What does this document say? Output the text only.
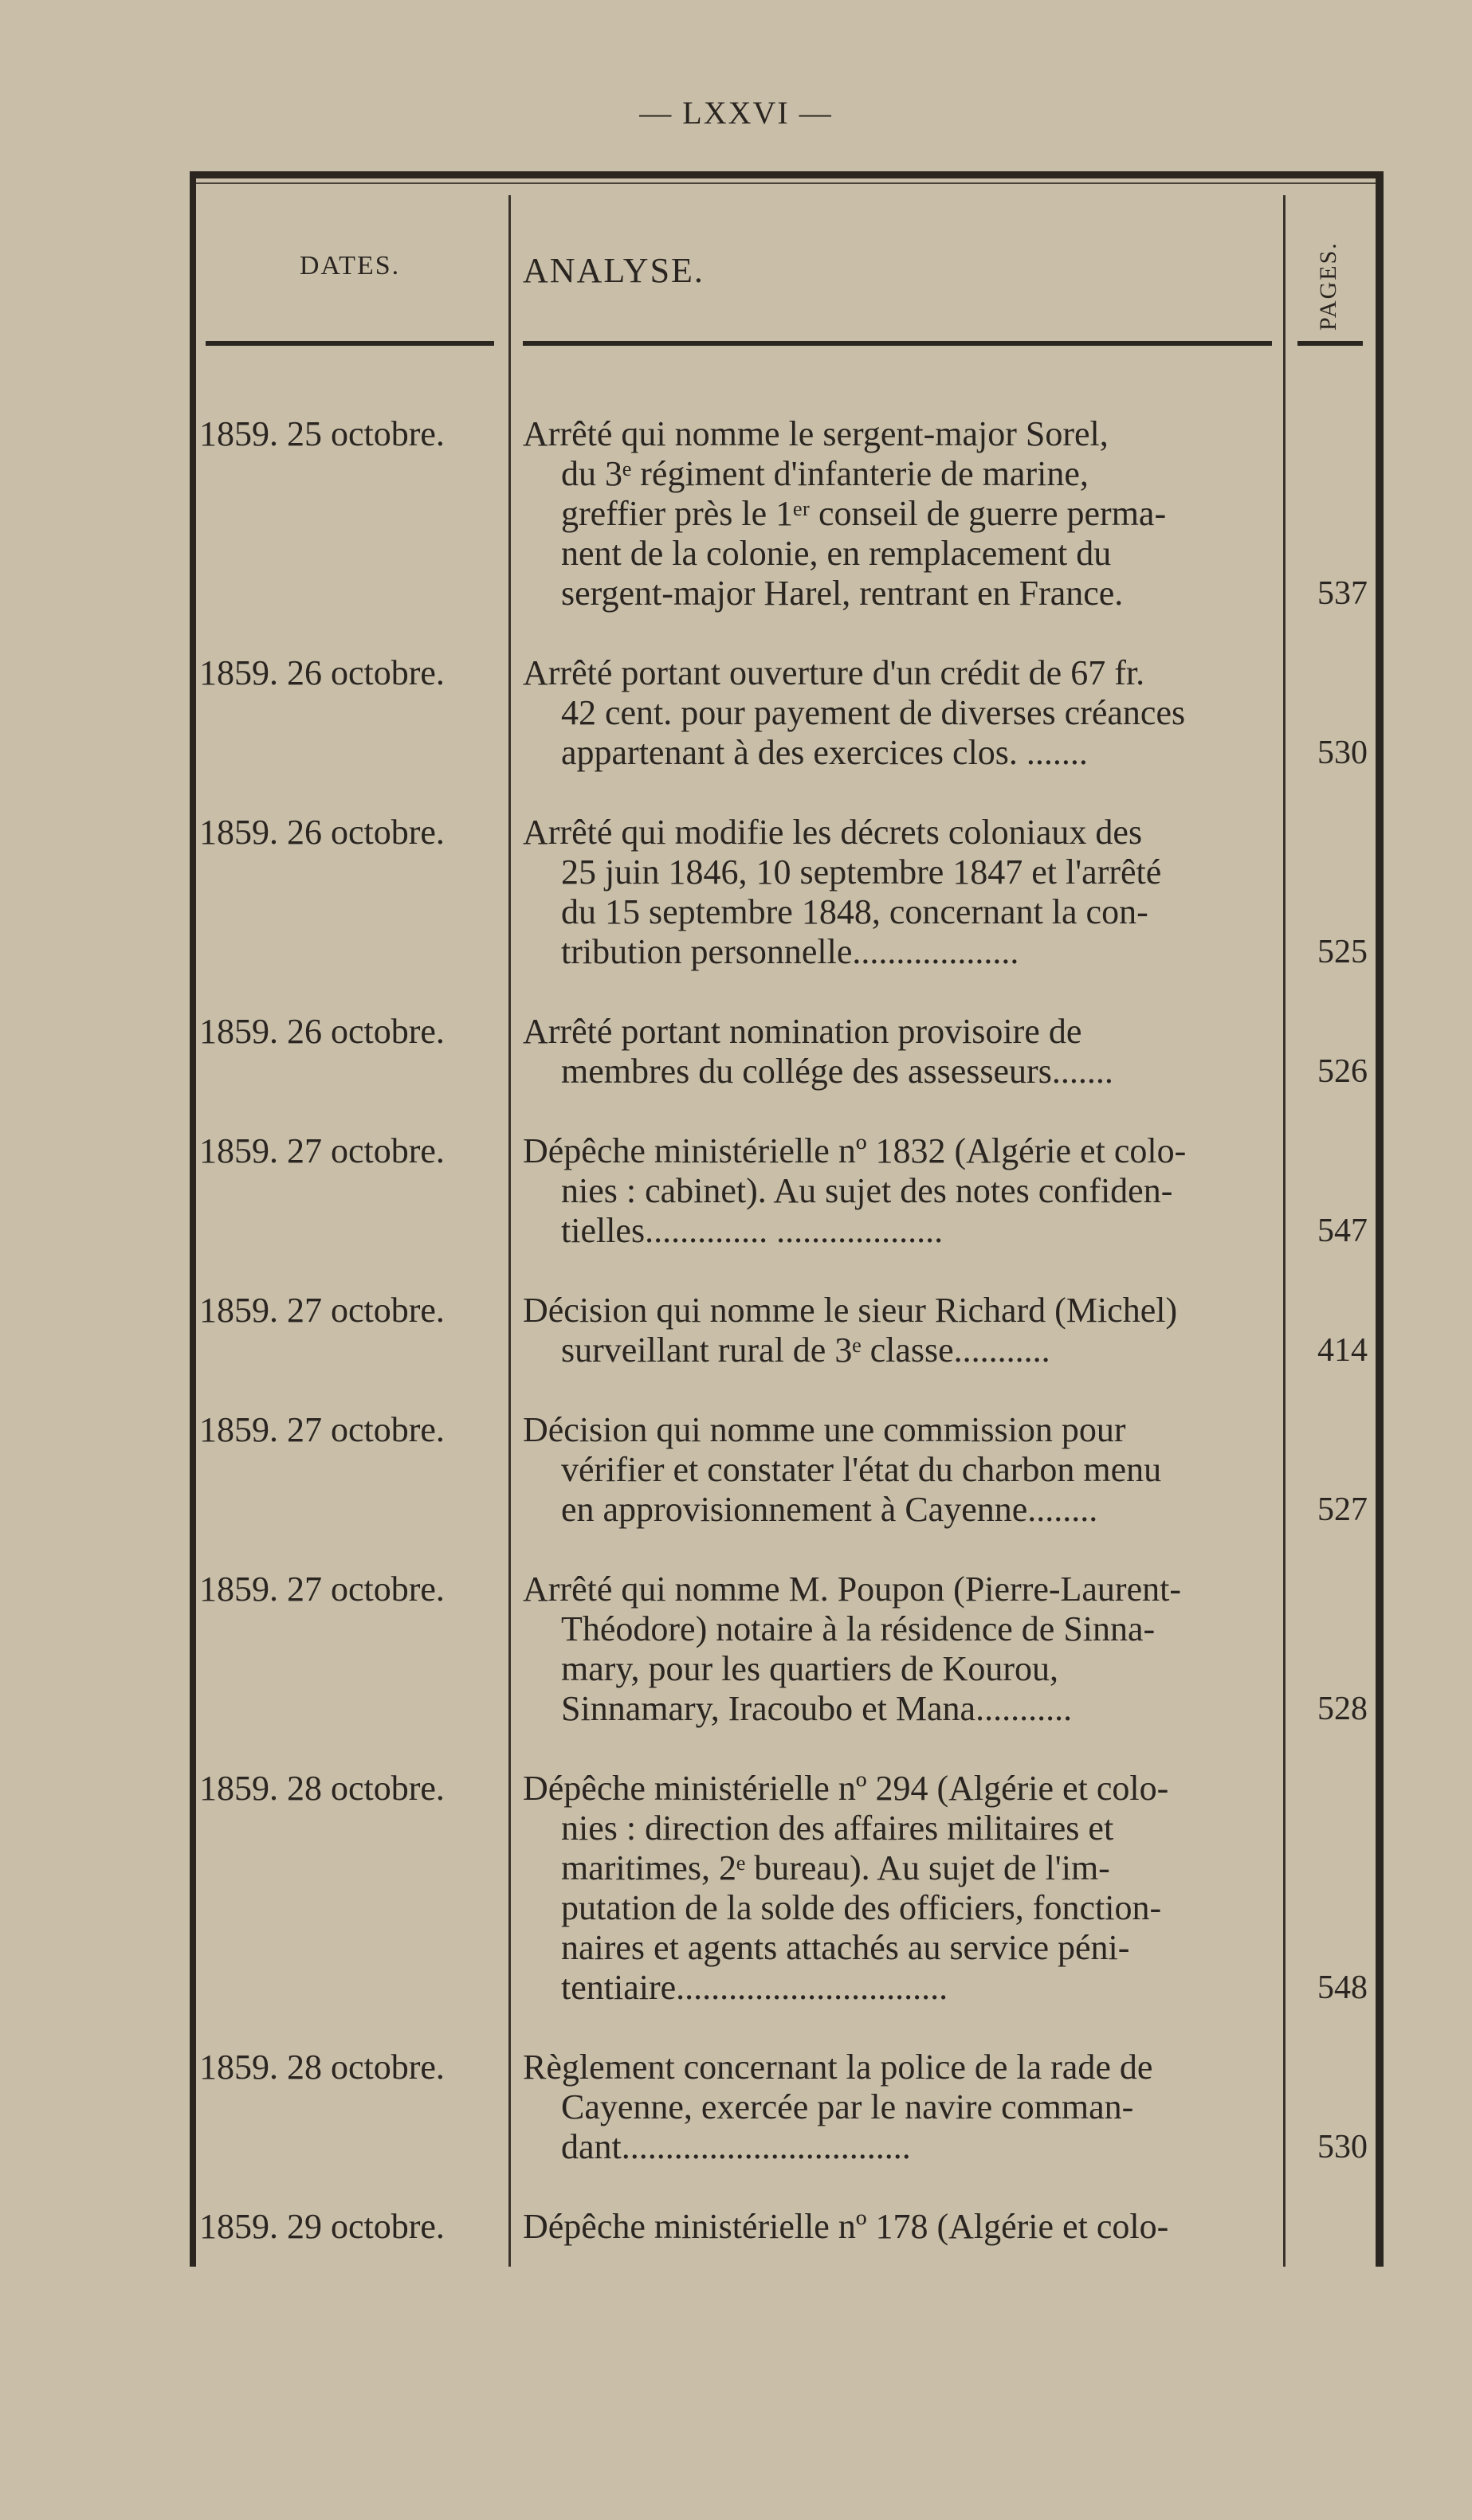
— LXXVI —
DATES.	ANALYSE.	PAGES.
1859. 25 octobre.	Arrêté qui nomme le sergent-major Sorel,
du 3ᵉ régiment d'infanterie de marine,
greffier près le 1ᵉʳ conseil de guerre perma-
nent de la colonie, en remplacement du
sergent-major Harel, rentrant en France.	537
1859. 26 octobre.	Arrêté portant ouverture d'un crédit de 67 fr.
42 cent. pour payement de diverses créances
appartenant à des exercices clos. .......	530
1859. 26 octobre.	Arrêté qui modifie les décrets coloniaux des
25 juin 1846, 10 septembre 1847 et l'arrêté
du 15 septembre 1848, concernant la con-
tribution personnelle...................	525
1859. 26 octobre.	Arrêté portant nomination provisoire de
membres du collége des assesseurs.......	526
1859. 27 octobre.	Dépêche ministérielle nº 1832 (Algérie et colo-
nies : cabinet). Au sujet des notes confiden-
tielles.............. ...................	547
1859. 27 octobre.	Décision qui nomme le sieur Richard (Michel)
surveillant rural de 3ᵉ classe...........	414
1859. 27 octobre.	Décision qui nomme une commission pour
vérifier et constater l'état du charbon menu
en approvisionnement à Cayenne........	527
1859. 27 octobre.	Arrêté qui nomme M. Poupon (Pierre-Laurent-
Théodore) notaire à la résidence de Sinna-
mary, pour les quartiers de Kourou,
Sinnamary, Iracoubo et Mana...........	528
1859. 28 octobre.	Dépêche ministérielle nº 294 (Algérie et colo-
nies : direction des affaires militaires et
maritimes, 2ᵉ bureau). Au sujet de l'im-
putation de la solde des officiers, fonction-
naires et agents attachés au service péni-
tentiaire...............................	548
1859. 28 octobre.	Règlement concernant la police de la rade de
Cayenne, exercée par le navire comman-
dant.................................	530
1859. 29 octobre.	Dépêche ministérielle nº 178 (Algérie et colo-
